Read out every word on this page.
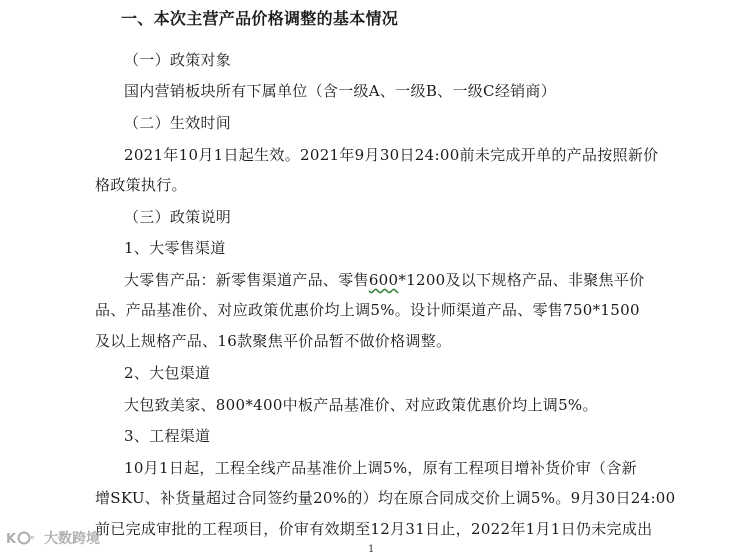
一、本次主营产品价格调整的基本情况
（一）政策对象
国内营销板块所有下属单位（含一级A、一级B、一级C经销商）
（二）生效时间
2021年10月1日起生效。2021年9月30日24:00前未完成开单的产品按照新价
格政策执行。
（三）政策说明
1、大零售渠道
大零售产品：新零售渠道产品、零售600*1200及以下规格产品、非聚焦平价
品、产品基准价、对应政策优惠价均上调5%。设计师渠道产品、零售750*1500
及以上规格产品、16款聚焦平价品暂不做价格调整。
2、大包渠道
大包致美家、800*400中板产品基准价、对应政策优惠价均上调5%。
3、工程渠道
10月1日起，工程全线产品基准价上调5%，原有工程项目增补货价审（含新
增SKU、补货量超过合同签约量20%的）均在原合同成交价上调5%。9月30日24:00
前已完成审批的工程项目，价审有效期至12月31日止，2022年1月1日仍未完成出
1
K ° 大数跨境
